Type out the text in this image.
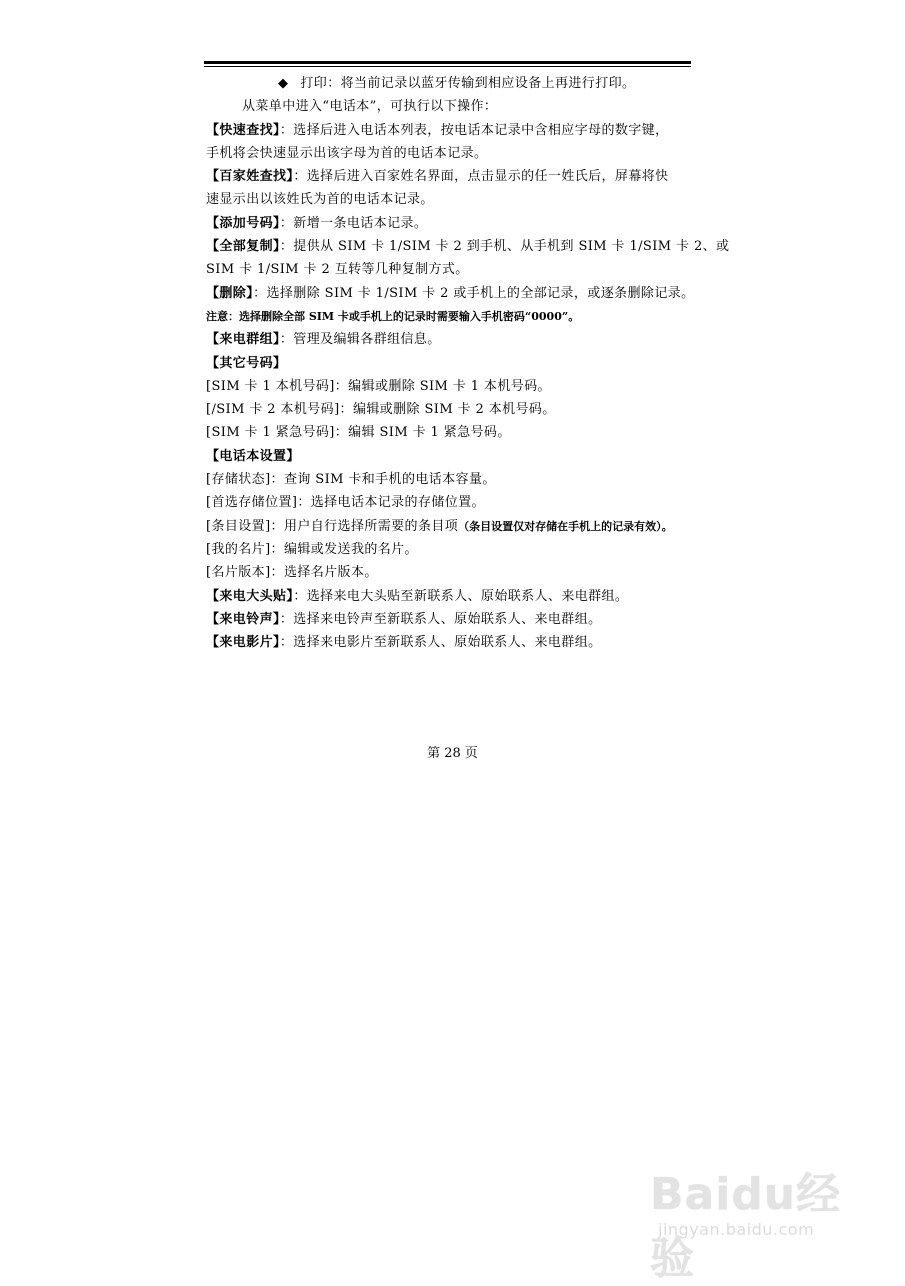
◆ 打印：将当前记录以蓝牙传输到相应设备上再进行打印。
从菜单中进入“电话本”，可执行以下操作：
【快速查找】：选择后进入电话本列表，按电话本记录中含相应字母的数字键，
手机将会快速显示出该字母为首的电话本记录。
【百家姓查找】：选择后进入百家姓名界面，点击显示的任一姓氏后，屏幕将快
速显示出以该姓氏为首的电话本记录。
【添加号码】：新增一条电话本记录。
【全部复制】：提供从 SIM 卡 1/SIM 卡 2 到手机、从手机到 SIM 卡 1/SIM 卡 2、或
SIM 卡 1/SIM 卡 2 互转等几种复制方式。
【删除】：选择删除 SIM 卡 1/SIM 卡 2 或手机上的全部记录，或逐条删除记录。
注意：选择删除全部 SIM 卡或手机上的记录时需要输入手机密码“0000”。
【来电群组】：管理及编辑各群组信息。
【其它号码】
[SIM 卡 1 本机号码]：编辑或删除 SIM 卡 1 本机号码。
[/SIM 卡 2 本机号码]：编辑或删除 SIM 卡 2 本机号码。
[SIM 卡 1 紧急号码]：编辑 SIM 卡 1 紧急号码。
【电话本设置】
[存储状态]：查询 SIM 卡和手机的电话本容量。
[首选存储位置]：选择电话本记录的存储位置。
[条目设置]：用户自行选择所需要的条目项（条目设置仅对存储在手机上的记录有效）。
[我的名片]：编辑或发送我的名片。
[名片版本]：选择名片版本。
【来电大头贴】：选择来电大头贴至新联系人、原始联系人、来电群组。
【来电铃声】：选择来电铃声至新联系人、原始联系人、来电群组。
【来电影片】：选择来电影片至新联系人、原始联系人、来电群组。
第 28 页
Baidu经验
jingyan.baidu.com
